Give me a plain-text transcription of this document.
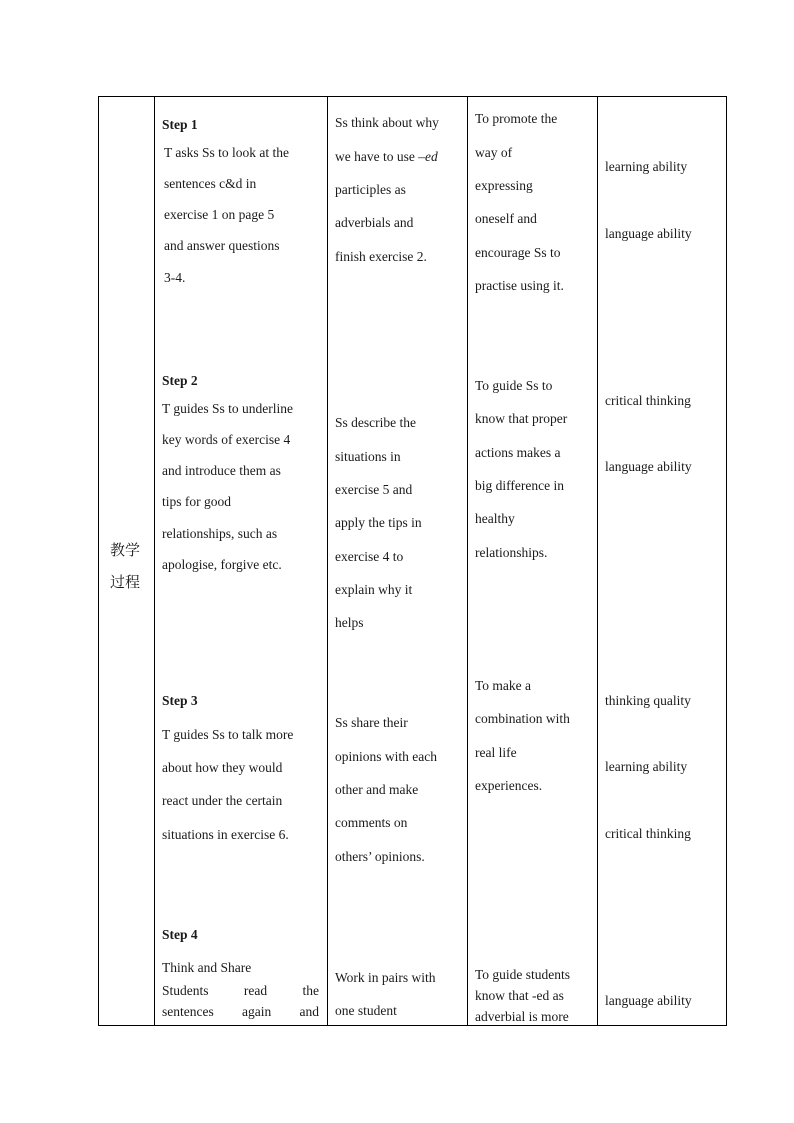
教学
过程
Step 1
T asks Ss to look at the
sentences c&d in
exercise 1 on page 5
and answer questions
3-4.
Ss think about why
we have to use –ed
participles as
adverbials and
finish exercise 2.
To promote the
way of
expressing
oneself and
encourage Ss to
practise using it.
learning ability
language ability
Step 2
T guides Ss to underline
key words of exercise 4
and introduce them as
tips for good
relationships, such as
apologise, forgive etc.
Ss describe the
situations in
exercise 5 and
apply the tips in
exercise 4 to
explain why it
helps
To guide Ss to
know that proper
actions makes a
big difference in
healthy
relationships.
critical thinking
language ability
Step 3
T guides Ss to talk more
about how they would
react under the certain
situations in exercise 6.
Ss share their
opinions with each
other and make
comments on
others’ opinions.
To make a
combination with
real life
experiences.
thinking quality
learning ability
critical thinking
Step 4
Think and Share
Students read the
sentences again and
Work in pairs with
one student
To guide students
know that -ed as
adverbial is more
language ability
